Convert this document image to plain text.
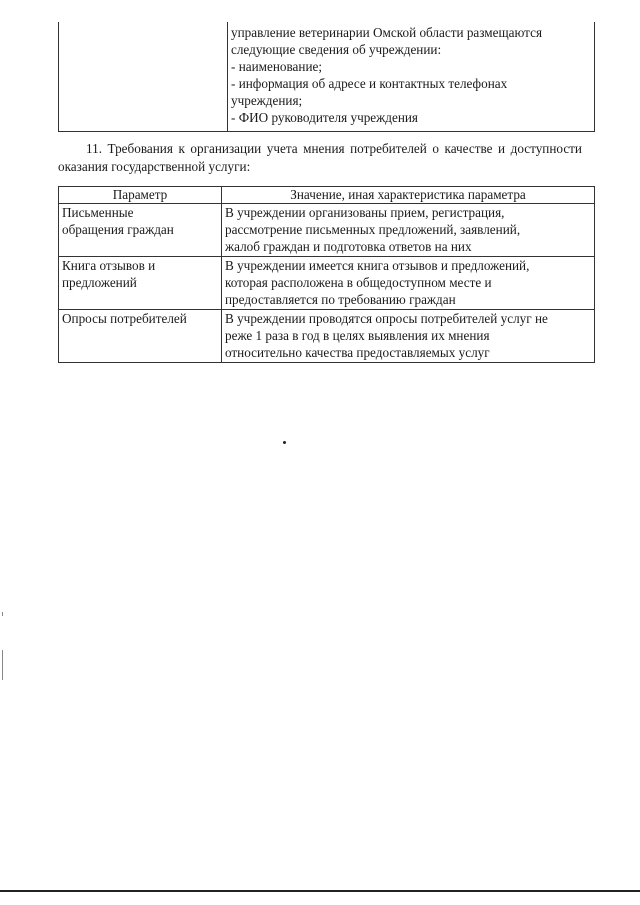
управление ветеринарии Омской области размещаются
следующие сведения об учреждении:
- наименование;
- информация об адресе и контактных телефонах
учреждения;
- ФИО руководителя учреждения
11. Требования к организации учета мнения потребителей о качестве и доступности оказания государственной услуги:
Параметр	Значение, иная характеристика параметра

Письменные
обращения граждан	В учреждении организованы прием, регистрация,
рассмотрение письменных предложений, заявлений,
жалоб граждан и подготовка ответов на них

Книга отзывов и
предложений	В учреждении имеется книга отзывов и предложений,
которая расположена в общедоступном месте и
предоставляется по требованию граждан

Опросы потребителей	В учреждении проводятся опросы потребителей услуг не
реже 1 раза в год в целях выявления их мнения
относительно качества предоставляемых услуг
